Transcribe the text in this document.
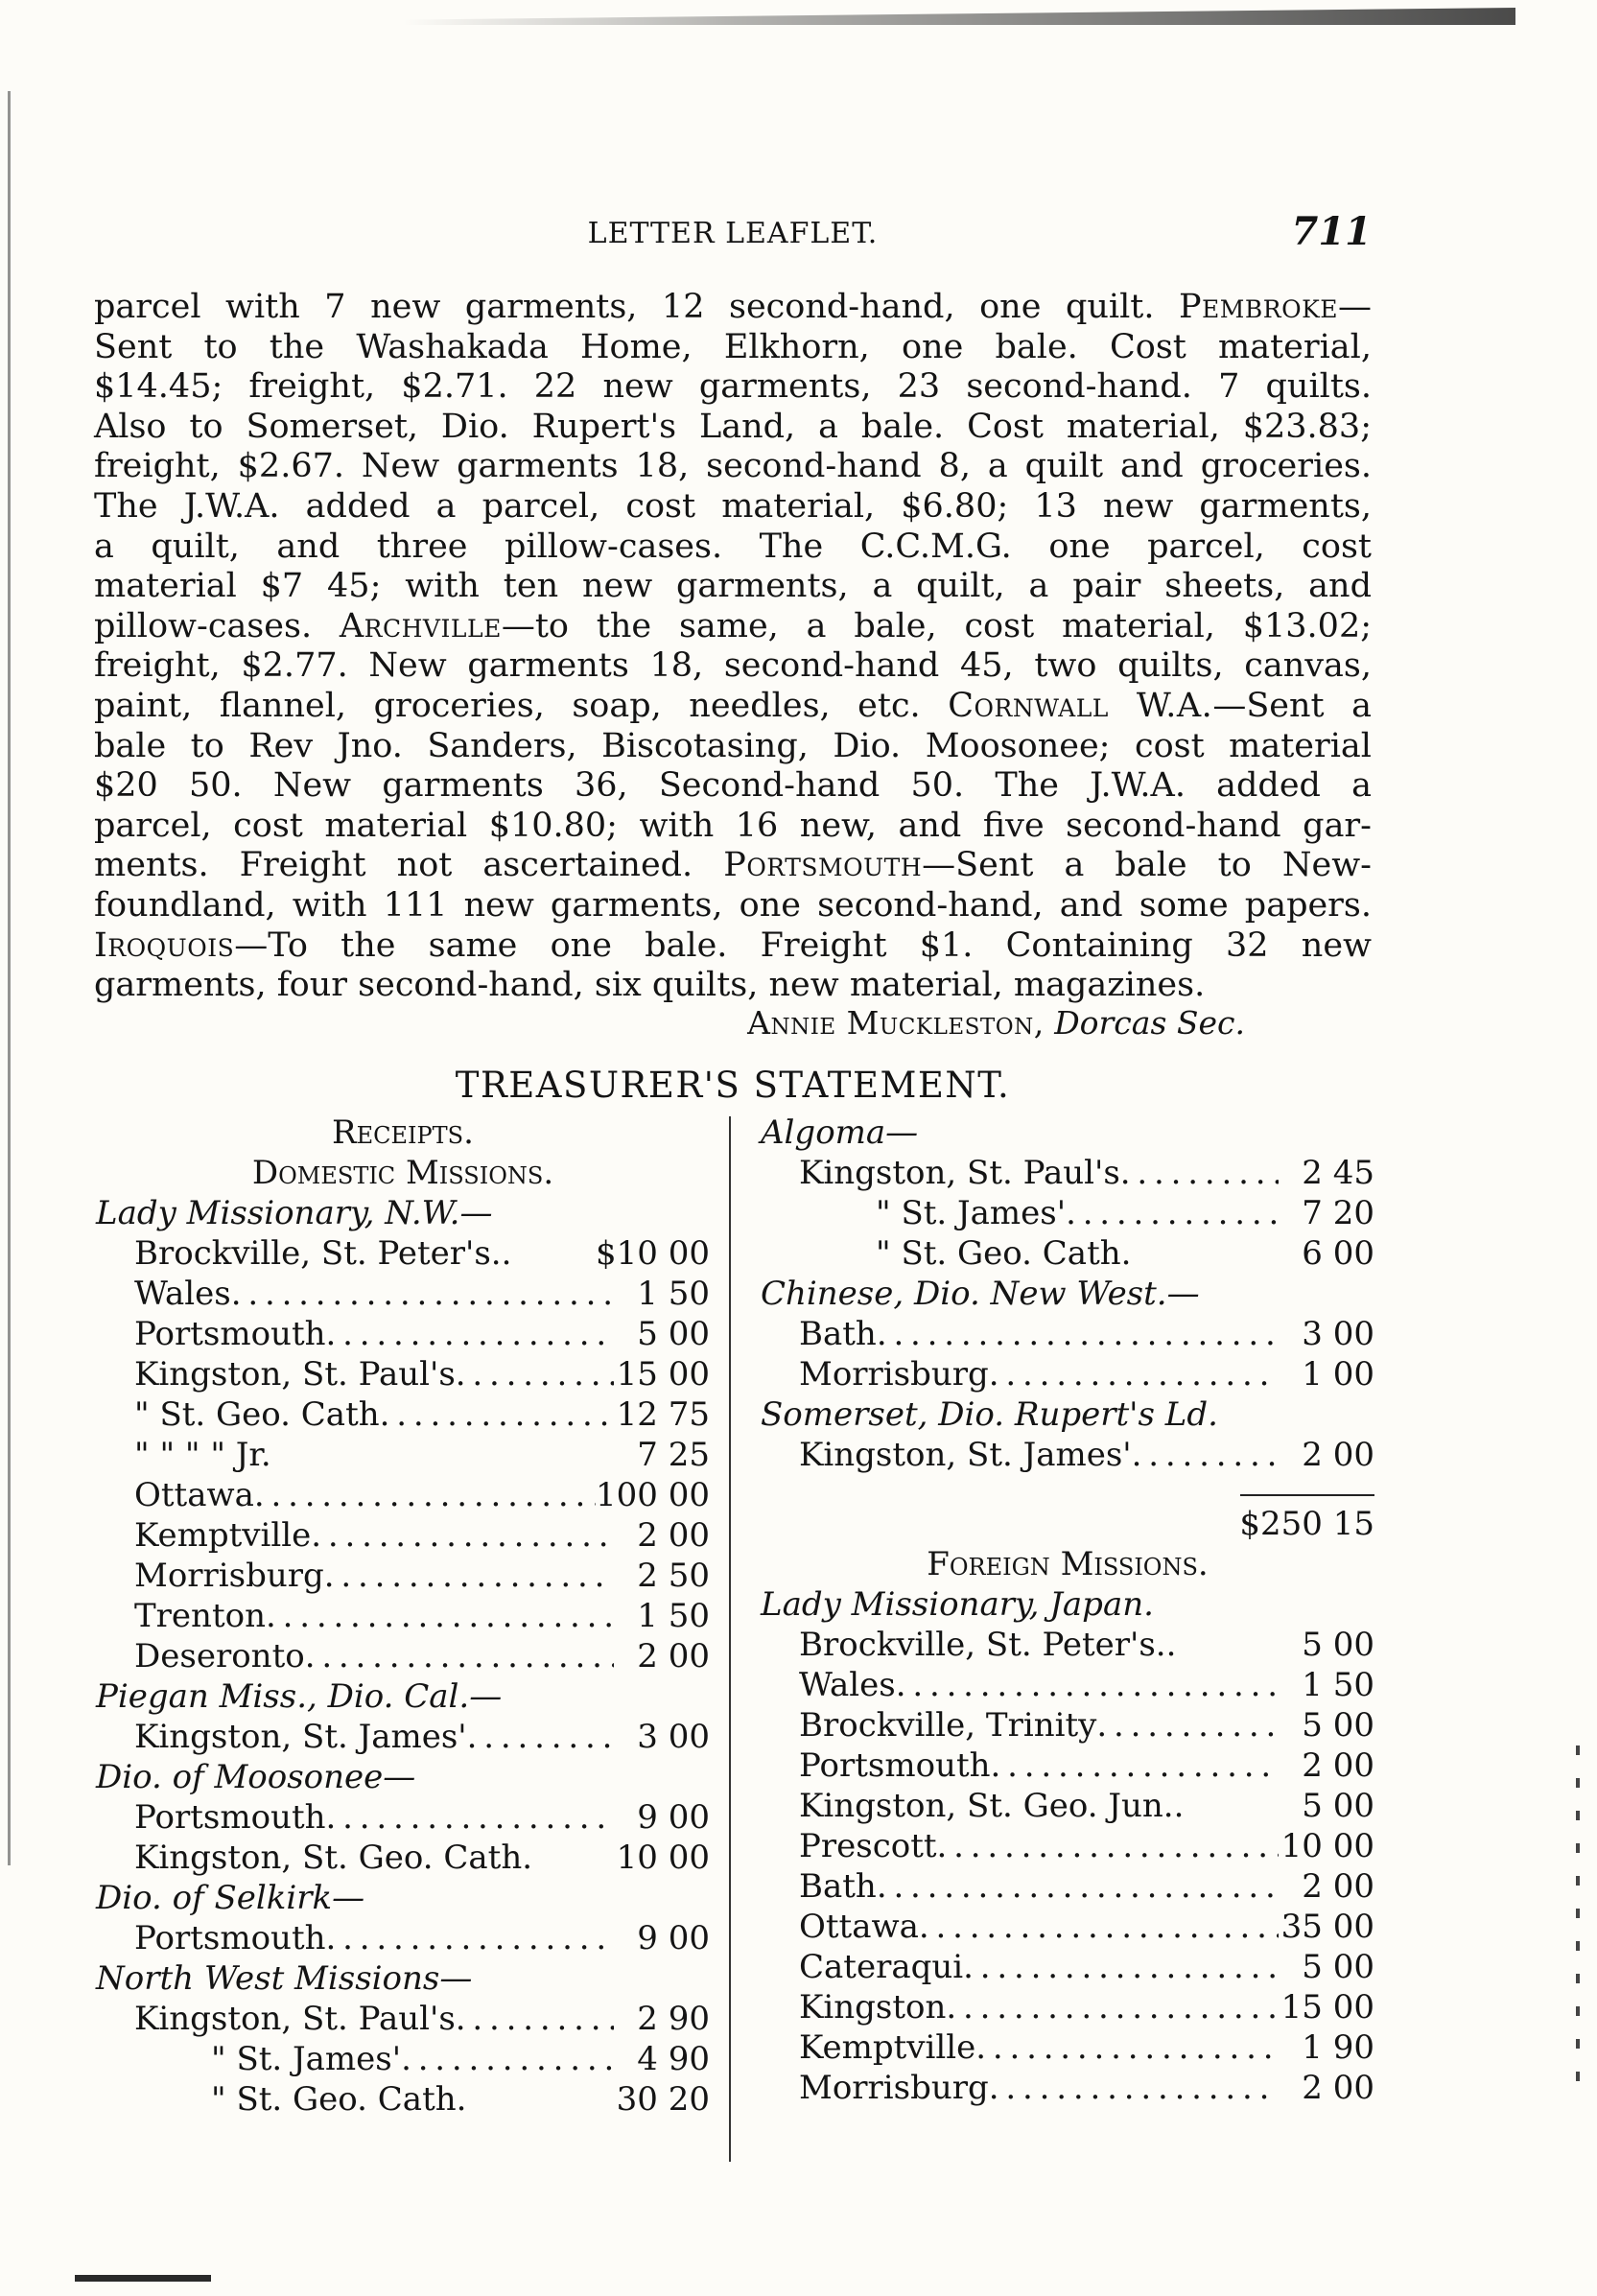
LETTER LEAFLET.	711

parcel with 7 new garments, 12 second-hand, one quilt. Pembroke—

Sent to the Washakada Home, Elkhorn, one bale. Cost material,

$14.45; freight, $2.71. 22 new garments, 23 second-hand. 7 quilts.

Also to Somerset, Dio. Rupert's Land, a bale. Cost material, $23.83;

freight, $2.67. New garments 18, second-hand 8, a quilt and groceries.

The J.W.A. added a parcel, cost material, $6.80; 13 new garments,

a quilt, and three pillow-cases. The C.C.M.G. one parcel, cost

material $7 45; with ten new garments, a quilt, a pair sheets, and

pillow-cases. Archville—to the same, a bale, cost material, $13.02;

freight, $2.77. New garments 18, second-hand 45, two quilts, canvas,

paint, flannel, groceries, soap, needles, etc. Cornwall W.A.—Sent a

bale to Rev Jno. Sanders, Biscotasing, Dio. Moosonee; cost material

$20 50. New garments 36, Second-hand 50. The J.W.A. added a

parcel, cost material $10.80; with 16 new, and five second-hand gar-

ments. Freight not ascertained. Portsmouth—Sent a bale to New-

foundland, with 111 new garments, one second-hand, and some papers.

Iroquois—To the same one bale. Freight $1. Containing 32 new

garments, four second-hand, six quilts, new material, magazines.

Annie Muckleston, Dorcas Sec.
TREASURER'S STATEMENT.
Receipts.
Domestic Missions.
Lady Missionary, N.W.—
Brockville, St. Peter's..	$10 00
Wales . . .	1 50
Portsmouth . . .	5 00
Kingston, St. Paul's . . .	15 00
" St. Geo. Cath . . .	12 75
" " " " Jr.	7 25
Ottawa . . .	100 00
Kemptville . . .	2 00
Morrisburg . . .	2 50
Trenton . . .	1 50
Deseronto . . .	2 00
Piegan Miss., Dio. Cal.—
Kingston, St. James' . . .	3 00
Dio. of Moosonee—
Portsmouth . . .	9 00
Kingston, St. Geo. Cath.	10 00
Dio. of Selkirk—
Portsmouth . . .	9 00
North West Missions—
Kingston, St. Paul's . . .	2 90
" St. James' . . .	4 90
" St. Geo. Cath.	30 20
Algoma—
Kingston, St. Paul's . . .	2 45
" St. James' . . .	7 20
" St. Geo. Cath.	6 00
Chinese, Dio. New West.—
Bath . . .	3 00
Morrisburg . . .	1 00
Somerset, Dio. Rupert's Ld.
Kingston, St. James' . . .	2 00
$250 15
Foreign Missions.
Lady Missionary, Japan.
Brockville, St. Peter's..	5 00
Wales . . .	1 50
Brockville, Trinity . . .	5 00
Portsmouth . . .	2 00
Kingston, St. Geo. Jun..	5 00
Prescott . . .	10 00
Bath . . .	2 00
Ottawa . . .	35 00
Cateraqui . . .	5 00
Kingston . . .	15 00
Kemptville . . .	1 90
Morrisburg . . .	2 00
